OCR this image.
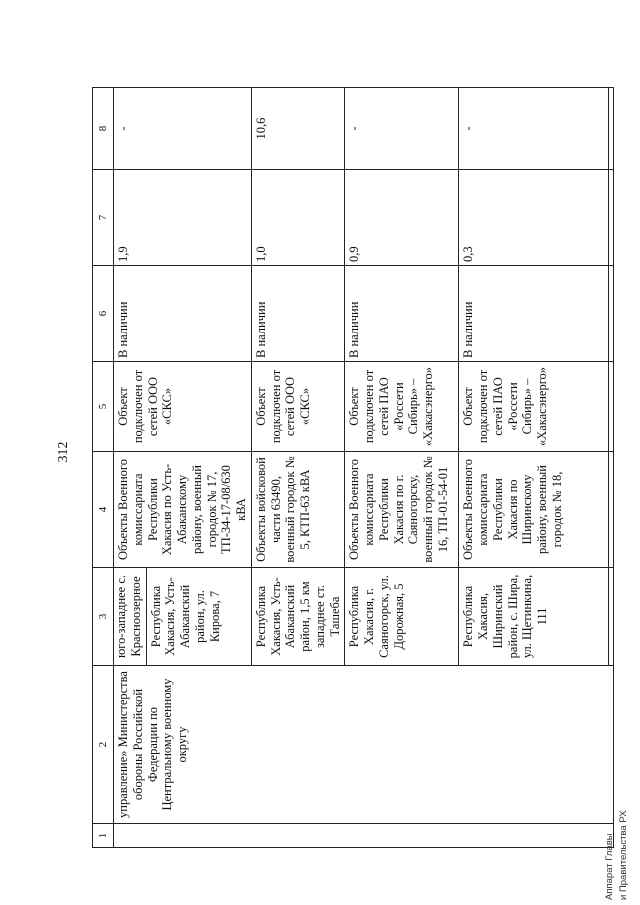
312
1	2	3	4	5	6	7	8
	управление» Министерства обороны Российской Федерации по Центральному военному округу	юго-западнее с. Красноозерное Республика Хакасия, Усть-Абаканский район, ул. Кирова, 7	Объекты Военного комиссариата Республики Хакасия по Усть-Абаканскому району, военный городок № 17, ТП-34-17-08/630 кВА	Объект подключен от сетей ООО «СКС»	В наличии	1,9	-
		Республика Хакасия, Усть-Абаканский район, 1,5 км западнее ст. Ташеба	Объекты войсковой части 63490, военный городок № 5, КТП-63 кВА	Объект подключен от сетей ООО «СКС»	В наличии	1,0	10,6
		Республика Хакасия, г. Саяногорск, ул. Дорожная, 5	Объекты Военного комиссариата Республики Хакасия по г. Саяногорску, военный городок № 16, ТП-01-54-01	Объект подключен от сетей ПАО «Россети Сибирь» – «Хакасэнерго»	В наличии	0,9	-
		Республика Хакасия, Ширинский район, с. Шира, ул. Щетинкина, 111	Объекты Военного комиссариата Республики Хакасия по Ширинскому району, военный городок № 18,	Объект подключен от сетей ПАО «Россети Сибирь» – «Хакасэнерго»	В наличии	0,3	-

Аппарат Главы и Правительства РХ
